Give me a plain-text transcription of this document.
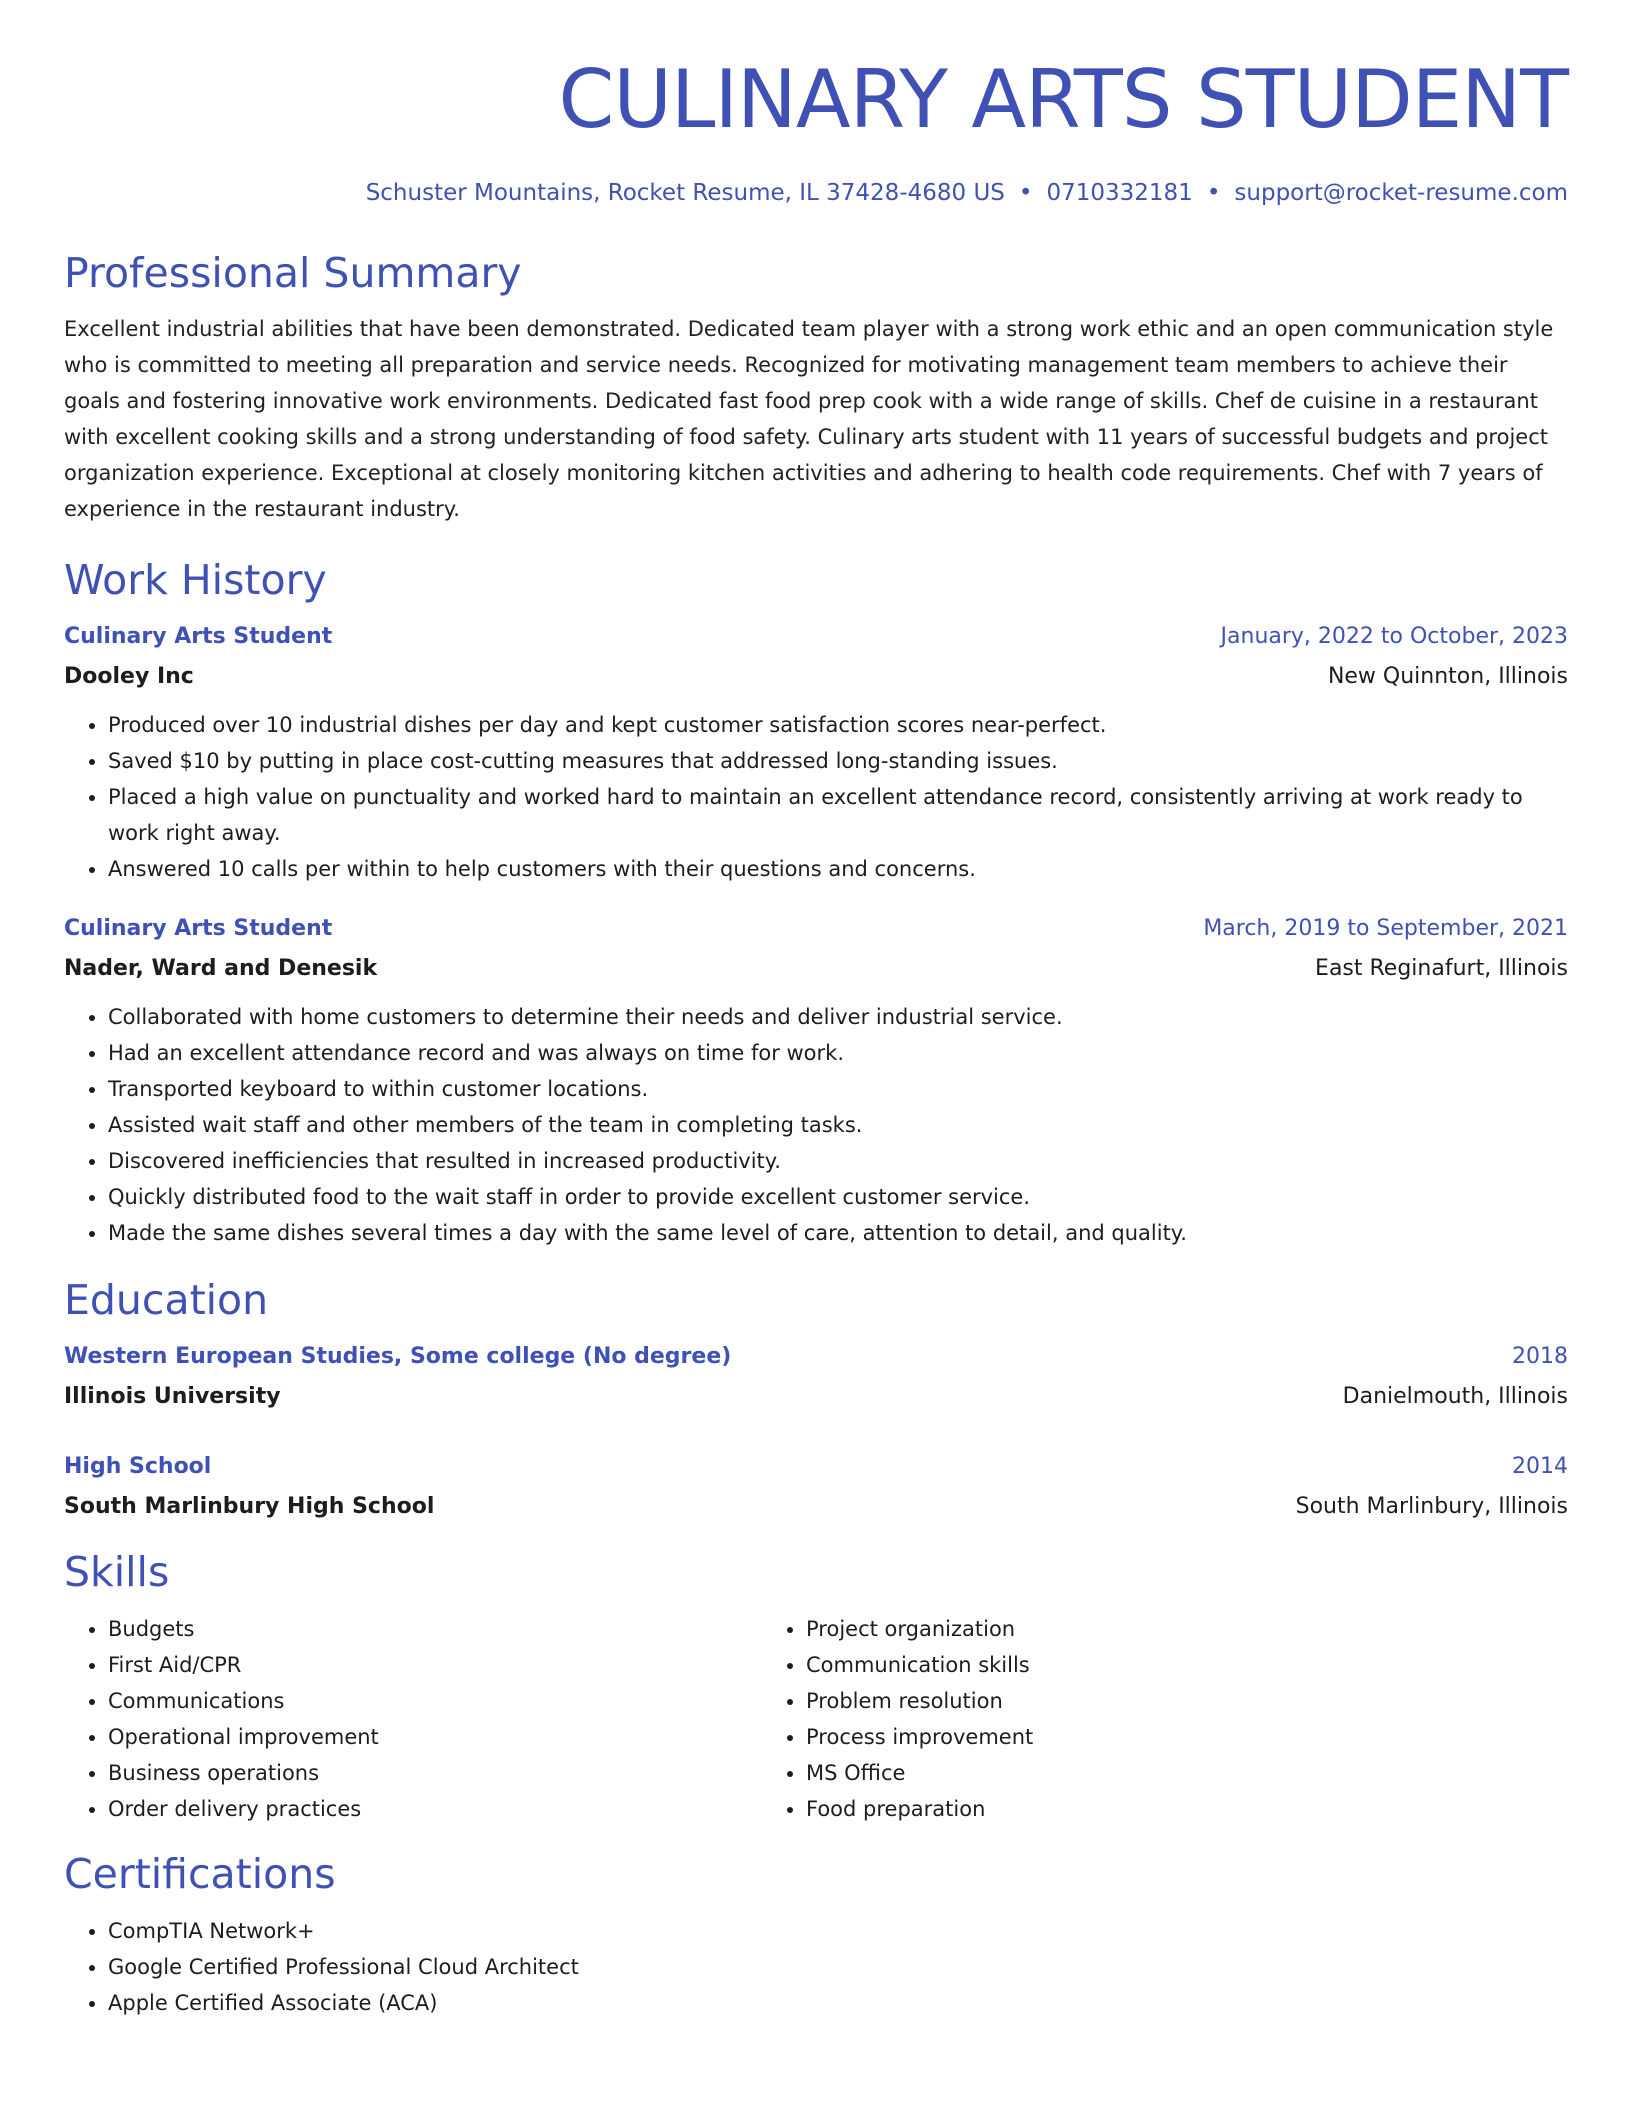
CULINARY ARTS STUDENT
Schuster Mountains, Rocket Resume, IL 37428-4680 US • 0710332181 • support@rocket-resume.com
Professional Summary
Excellent industrial abilities that have been demonstrated. Dedicated team player with a strong work ethic and an open communication style who is committed to meeting all preparation and service needs. Recognized for motivating management team members to achieve their goals and fostering innovative work environments. Dedicated fast food prep cook with a wide range of skills. Chef de cuisine in a restaurant with excellent cooking skills and a strong understanding of food safety. Culinary arts student with 11 years of successful budgets and project organization experience. Exceptional at closely monitoring kitchen activities and adhering to health code requirements. Chef with 7 years of experience in the restaurant industry.
Work History
Culinary Arts Student	January, 2022 to October, 2023
Dooley Inc	New Quinnton, Illinois
• Produced over 10 industrial dishes per day and kept customer satisfaction scores near-perfect.
• Saved $10 by putting in place cost-cutting measures that addressed long-standing issues.
• Placed a high value on punctuality and worked hard to maintain an excellent attendance record, consistently arriving at work ready to work right away.
• Answered 10 calls per within to help customers with their questions and concerns.
Culinary Arts Student	March, 2019 to September, 2021
Nader, Ward and Denesik	East Reginafurt, Illinois
• Collaborated with home customers to determine their needs and deliver industrial service.
• Had an excellent attendance record and was always on time for work.
• Transported keyboard to within customer locations.
• Assisted wait staff and other members of the team in completing tasks.
• Discovered inefficiencies that resulted in increased productivity.
• Quickly distributed food to the wait staff in order to provide excellent customer service.
• Made the same dishes several times a day with the same level of care, attention to detail, and quality.
Education
Western European Studies, Some college (No degree)	2018
Illinois University	Danielmouth, Illinois
High School	2014
South Marlinbury High School	South Marlinbury, Illinois
Skills
• Budgets
• First Aid/CPR
• Communications
• Operational improvement
• Business operations
• Order delivery practices
• Project organization
• Communication skills
• Problem resolution
• Process improvement
• MS Office
• Food preparation
Certifications
• CompTIA Network+
• Google Certified Professional Cloud Architect
• Apple Certified Associate (ACA)
